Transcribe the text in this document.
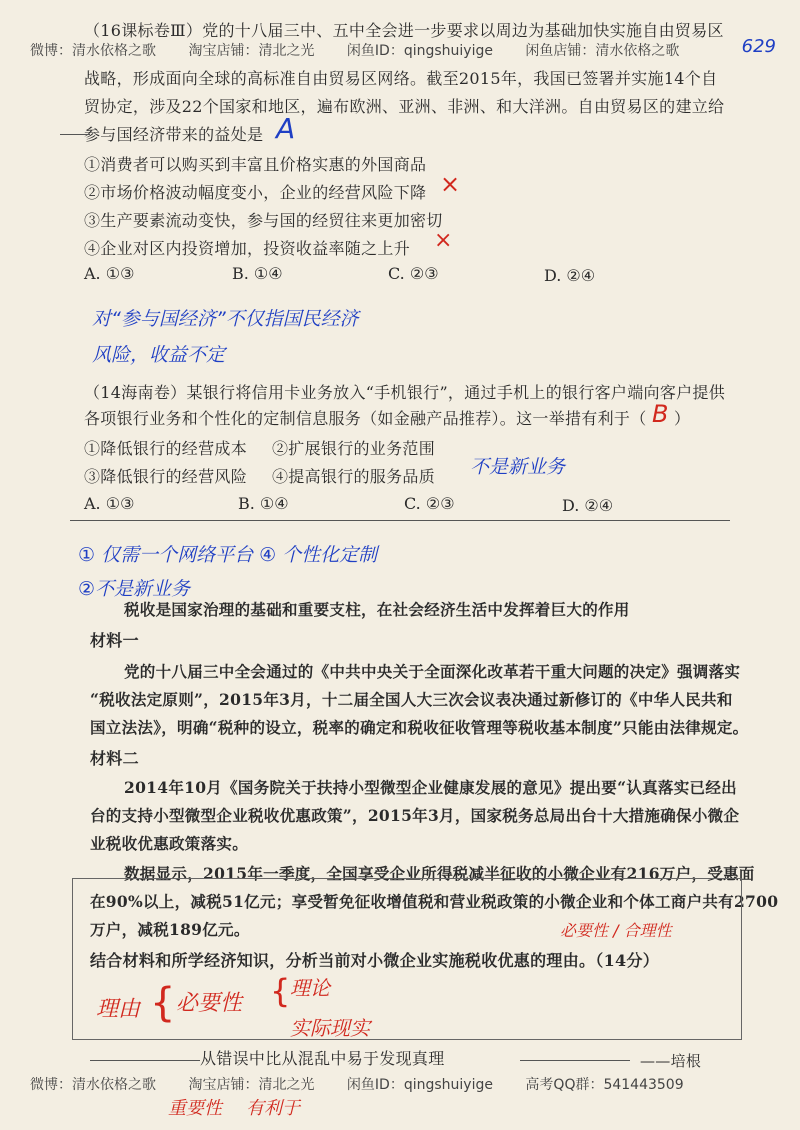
微博：清水依格之歌 淘宝店铺：清北之光 闲鱼ID：qingshuiyige 闲鱼店铺：清水依格之歌	629
（16课标卷Ⅲ）党的十八届三中、五中全会进一步要求以周边为基础加快实施自由贸易区
战略，形成面向全球的高标准自由贸易区网络。截至2015年，我国已签署并实施14个自
贸协定，涉及22个国家和地区，遍布欧洲、亚洲、非洲、和大洋洲。自由贸易区的建立给
参与国经济带来的益处是 A
①消费者可以购买到丰富且价格实惠的外国商品
②市场价格波动幅度变小，企业的经营风险下降 ×
③生产要素流动变快，参与国的经贸往来更加密切
④企业对区内投资增加，投资收益率随之上升 ×
A. ①③	B. ①④	C. ②③	D. ②④
对“参与国经济”不仅指国民经济
风险，收益不定
（14海南卷）某银行将信用卡业务放入“手机银行”，通过手机上的银行客户端向客户提供
各项银行业务和个性化的定制信息服务（如金融产品推荐）。这一举措有利于（ B ）
①降低银行的经营成本 ②扩展银行的业务范围
③降低银行的经营风险 ④提高银行的服务品质 不是新业务
A. ①③	B. ①④	C. ②③	D. ②④
① 仅需一个网络平台 ④ 个性化定制
②不是新业务
税收是国家治理的基础和重要支柱，在社会经济生活中发挥着巨大的作用
材料一
党的十八届三中全会通过的《中共中央关于全面深化改革若干重大问题的决定》强调落实
“税收法定原则”，2015年3月，十二届全国人大三次会议表决通过新修订的《中华人民共和
国立法法》，明确“税种的设立，税率的确定和税收征收管理等税收基本制度”只能由法律规定。
材料二
2014年10月《国务院关于扶持小型微型企业健康发展的意见》提出要“认真落实已经出
台的支持小型微型企业税收优惠政策”，2015年3月，国家税务总局出台十大措施确保小微企
业税收优惠政策落实。
数据显示，2015年一季度，全国享受企业所得税减半征收的小微企业有216万户，受惠面
在90%以上，减税51亿元；享受暂免征收增值税和营业税政策的小微企业和个体工商户共有2700
万户，减税189亿元。	必要性 / 合理性
结合材料和所学经济知识，分析当前对小微企业实施税收优惠的理由。（14分）
理由 { 必要性 { 理论
实际现实
从错误中比从混乱中易于发现真理	——培根
微博：清水依格之歌 淘宝店铺：清北之光 闲鱼ID：qingshuiyige 高考QQ群：541443509
重要性 有利于
